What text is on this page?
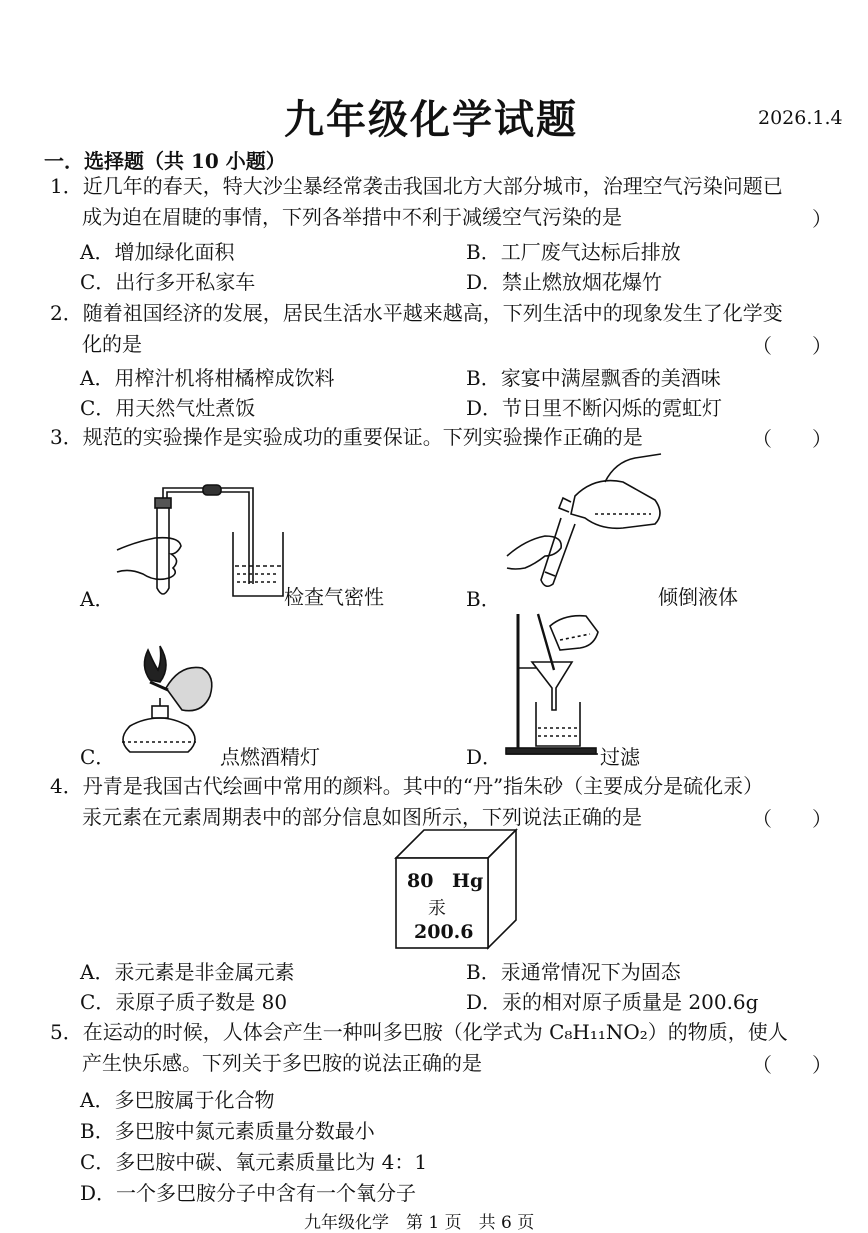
九年级化学试题	2026.1.4
一．选择题（共 10 小题）
1．近几年的春天，特大沙尘暴经常袭击我国北方大部分城市，治理空气污染问题已
成为迫在眉睫的事情，下列各举措中不利于减缓空气污染的是	）
A．增加绿化面积	B．工厂废气达标后排放
C．出行多开私家车	D．禁止燃放烟花爆竹
2．随着祖国经济的发展，居民生活水平越来越高，下列生活中的现象发生了化学变
化的是	（　　）
A．用榨汁机将柑橘榨成饮料	B．家宴中满屋飘香的美酒味
C．用天然气灶煮饭	D．节日里不断闪烁的霓虹灯
3．规范的实验操作是实验成功的重要保证。下列实验操作正确的是	（　　）
A．	检查气密性	B．	倾倒液体
C．	点燃酒精灯	D．	过滤
4．丹青是我国古代绘画中常用的颜料。其中的“丹”指朱砂（主要成分是硫化汞）
汞元素在元素周期表中的部分信息如图所示，下列说法正确的是	（　　）
80 Hg
汞
200.6
A．汞元素是非金属元素	B．汞通常情况下为固态
C．汞原子质子数是 80	D．汞的相对原子质量是 200.6g
5．在运动的时候，人体会产生一种叫多巴胺（化学式为 C₈H₁₁NO₂）的物质，使人
产生快乐感。下列关于多巴胺的说法正确的是	（　　）
A．多巴胺属于化合物
B．多巴胺中氮元素质量分数最小
C．多巴胺中碳、氧元素质量比为 4：1
D．一个多巴胺分子中含有一个氧分子
九年级化学　第 1 页　共 6 页
